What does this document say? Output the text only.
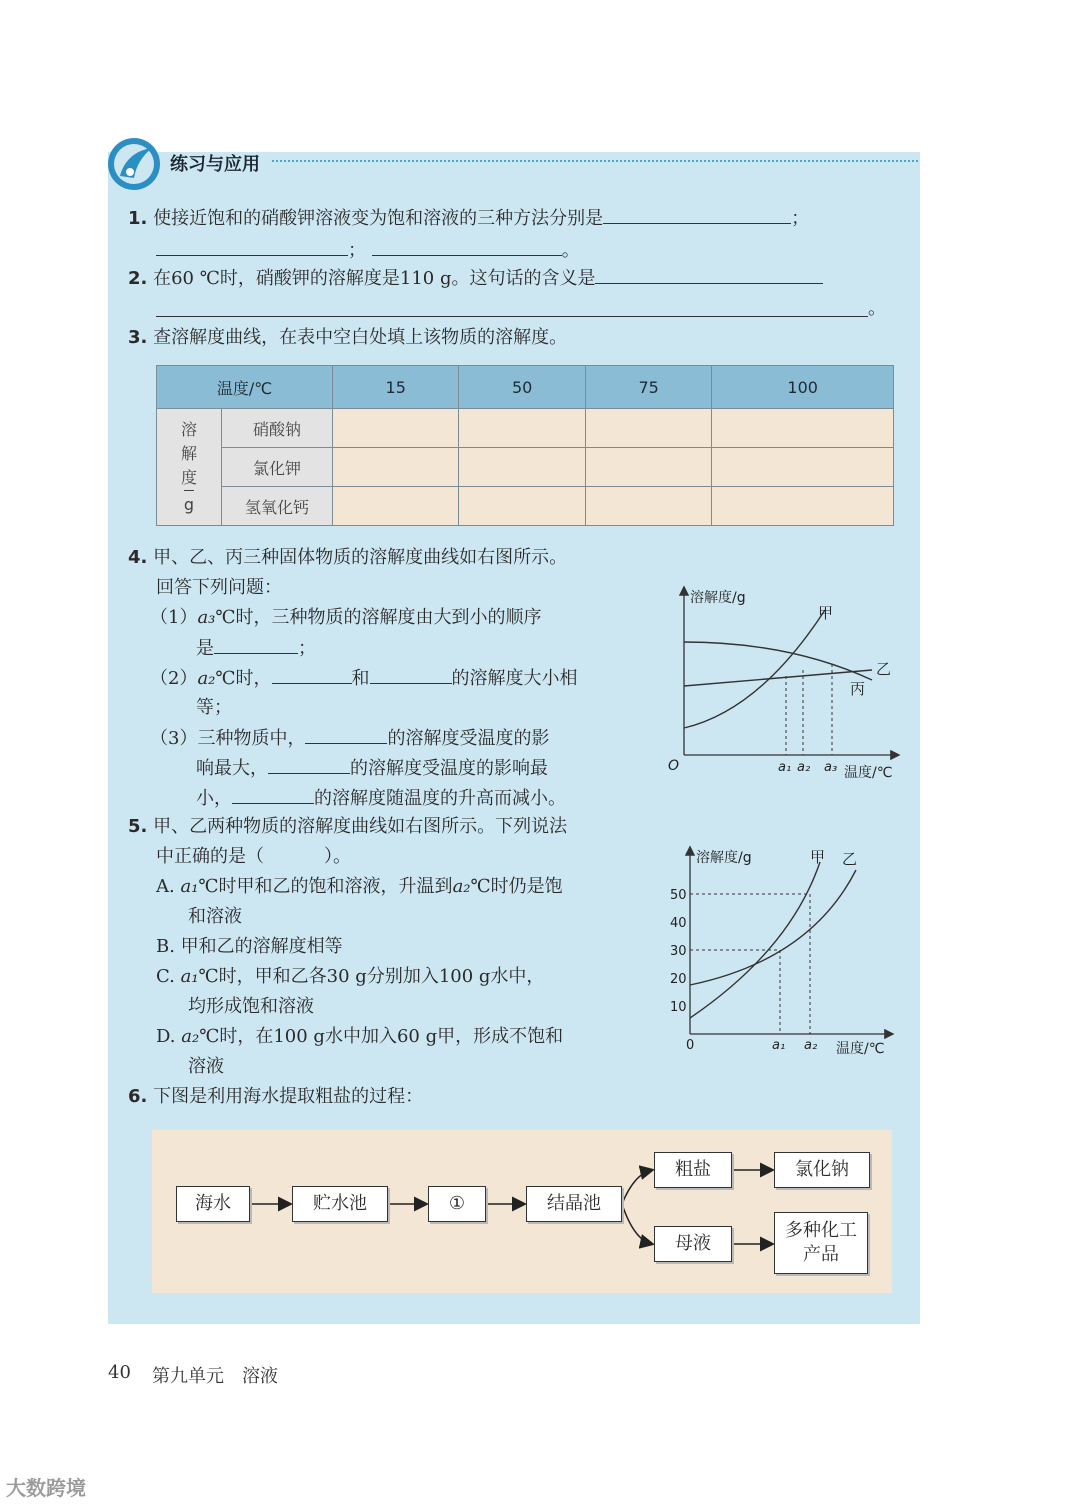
练习与应用
1. 使接近饱和的硝酸钾溶液变为饱和溶液的三种方法分别是	；
；	。
2. 在60 ℃时，硝酸钾的溶解度是110 g。这句话的含义是
。
3. 查溶解度曲线，在表中空白处填上该物质的溶解度。
温度/℃		15	50	75	100

溶
解
度
g	硝酸钠				
	氯化钾				
	氢氧化钙				
4. 甲、乙、丙三种固体物质的溶解度曲线如右图所示。
回答下列问题：
（1）a₃℃时，三种物质的溶解度由大到小的顺序
是	；
（2）a₂℃时，	和	的溶解度大小相
等；
（3）三种物质中，	的溶解度受温度的影
响最大，	的溶解度受温度的影响最
小，	的溶解度随温度的升高而减小。
溶解度/g
O	a₁ a₂ a₃ 温度/℃
甲
乙
丙
5. 甲、乙两种物质的溶解度曲线如右图所示。下列说法
中正确的是（	）。
A. a₁℃时甲和乙的饱和溶液，升温到a₂℃时仍是饱
和溶液
B. 甲和乙的溶解度相等
C. a₁℃时，甲和乙各30 g分别加入100 g水中，
均形成饱和溶液
D. a₂℃时，在100 g水中加入60 g甲，形成不饱和
溶液
溶解度/g
50
40
30
20
10
0	a₁ a₂ 温度/℃
甲 乙
6. 下图是利用海水提取粗盐的过程：
海水	贮水池	①	结晶池
粗盐	氯化钠
母液
多种化工产品
40 第九单元 溶液
大数跨境
